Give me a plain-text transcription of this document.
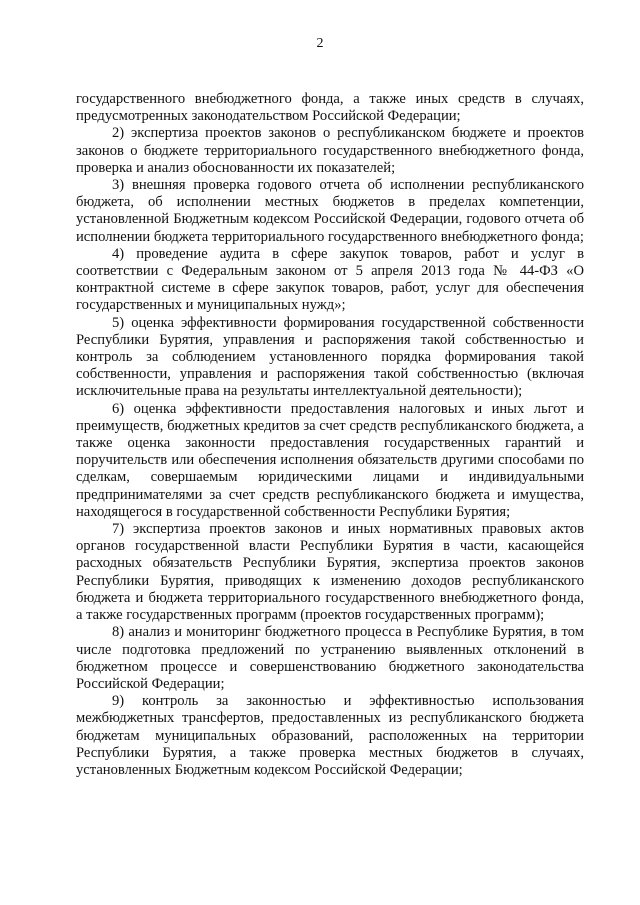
2

государственного внебюджетного фонда, а также иных средств в случаях, предусмотренных законодательством Российской Федерации;

2) экспертиза проектов законов о республиканском бюджете и проектов законов о бюджете территориального государственного внебюджетного фонда, проверка и анализ обоснованности их показателей;

3) внешняя проверка годового отчета об исполнении республиканского бюджета, об исполнении местных бюджетов в пределах компетенции, установленной Бюджетным кодексом Российской Федерации, годового отчета об исполнении бюджета территориального государственного внебюджетного фонда;

4) проведение аудита в сфере закупок товаров, работ и услуг в соответствии с Федеральным законом от 5 апреля 2013 года № 44-ФЗ «О контрактной системе в сфере закупок товаров, работ, услуг для обеспечения государственных и муниципальных нужд»;

5) оценка эффективности формирования государственной собственности Республики Бурятия, управления и распоряжения такой собственностью и контроль за соблюдением установленного порядка формирования такой собственности, управления и распоряжения такой собственностью (включая исключительные права на результаты интеллектуальной деятельности);

6) оценка эффективности предоставления налоговых и иных льгот и преимуществ, бюджетных кредитов за счет средств республиканского бюджета, а также оценка законности предоставления государственных гарантий и поручительств или обеспечения исполнения обязательств другими способами по сделкам, совершаемым юридическими лицами и индивидуальными предпринимателями за счет средств республиканского бюджета и имущества, находящегося в государственной собственности Республики Бурятия;

7) экспертиза проектов законов и иных нормативных правовых актов органов государственной власти Республики Бурятия в части, касающейся расходных обязательств Республики Бурятия, экспертиза проектов законов Республики Бурятия, приводящих к изменению доходов республиканского бюджета и бюджета территориального государственного внебюджетного фонда, а также государственных программ (проектов государственных программ);

8) анализ и мониторинг бюджетного процесса в Республике Бурятия, в том числе подготовка предложений по устранению выявленных отклонений в бюджетном процессе и совершенствованию бюджетного законодательства Российской Федерации;

9) контроль за законностью и эффективностью использования межбюджетных трансфертов, предоставленных из республиканского бюджета бюджетам муниципальных образований, расположенных на территории Республики Бурятия, а также проверка местных бюджетов в случаях, установленных Бюджетным кодексом Российской Федерации;
